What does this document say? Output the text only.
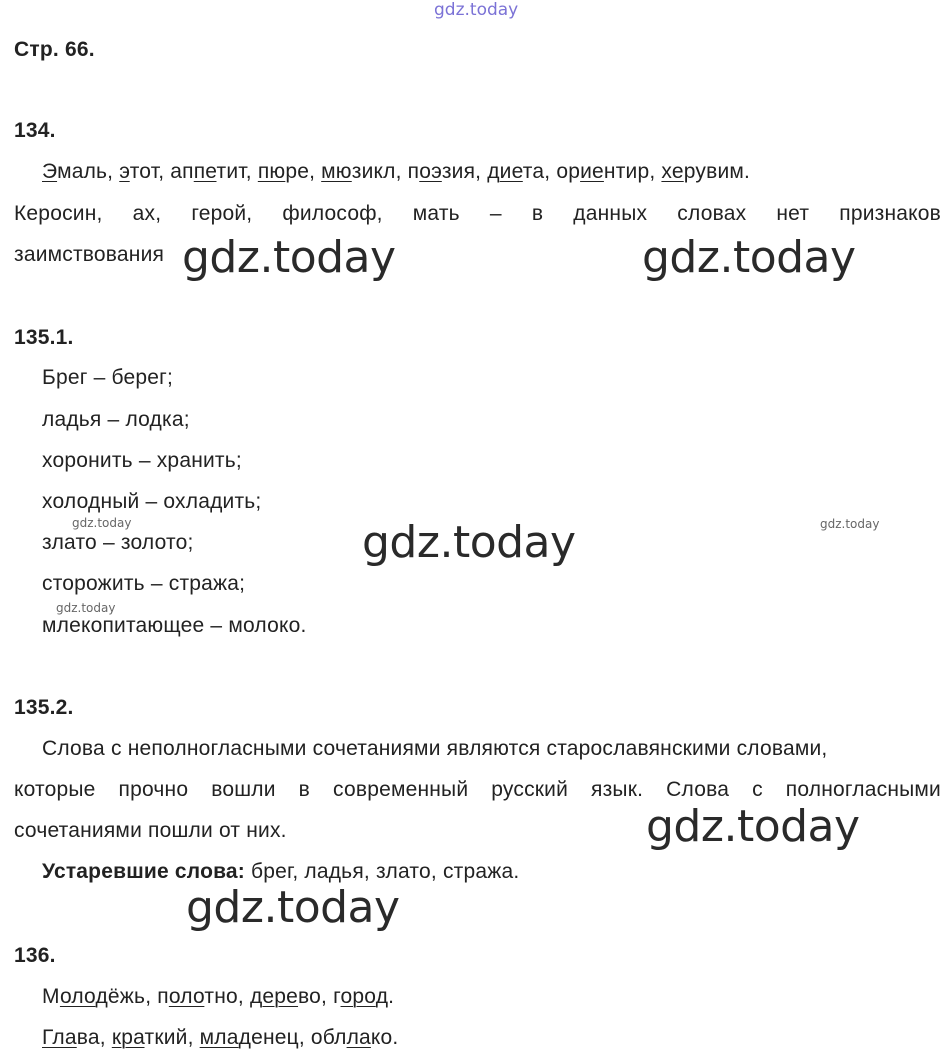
gdz.today
Стр. 66.
134.
Эмаль, этот, аппетит, пюре, мюзикл, поэзия, диета, ориентир, херувим.
Керосин, ах, герой, философ, мать – в данных словах нет признаков
заимствования gdz.today	gdz.today
135.1.
Брег – берег;
ладья – лодка;
хоронить – хранить;
холодный – охладить;
злато – золото;
сторожить – стража;
млекопитающее – молоко.
gdz.today	gdz.today
gdz.today
gdz.today
135.2.
Слова с неполногласными сочетаниями являются старославянскими словами,
которые прочно вошли в современный русский язык. Слова с полногласными
сочетаниями пошли от них.
Устаревшие слова: брег, ладья, злато, стража.
gdz.today
gdz.today
136.
Молодёжь, полотно, дерево, город.
Глава, краткий, младенец, обллако.
